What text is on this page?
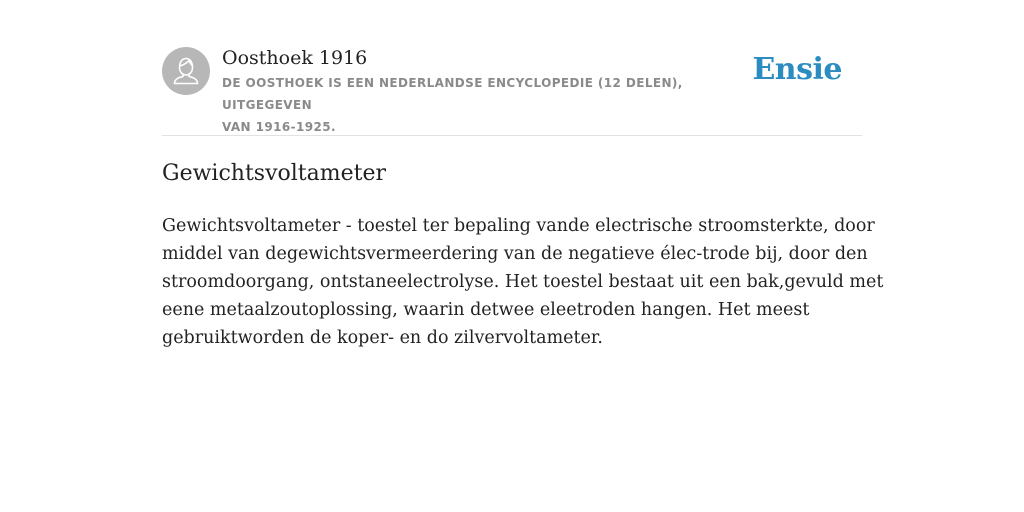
Oosthoek 1916

DE OOSTHOEK IS EEN NEDERLANDSE ENCYCLOPEDIE (12 DELEN), UITGEGEVEN
VAN 1916-1925.

Ensie
Gewichtsvoltameter

Gewichtsvoltameter - toestel ter bepaling vande electrische stroomsterkte, door
middel van degewichtsvermeerdering van de negatieve élec-trode bij, door den
stroomdoorgang, ontstaneelectrolyse. Het toestel bestaat uit een bak,gevuld met
eene metaalzoutoplossing, waarin detwee eleetroden hangen. Het meest
gebruiktworden de koper- en do zilvervoltameter.
